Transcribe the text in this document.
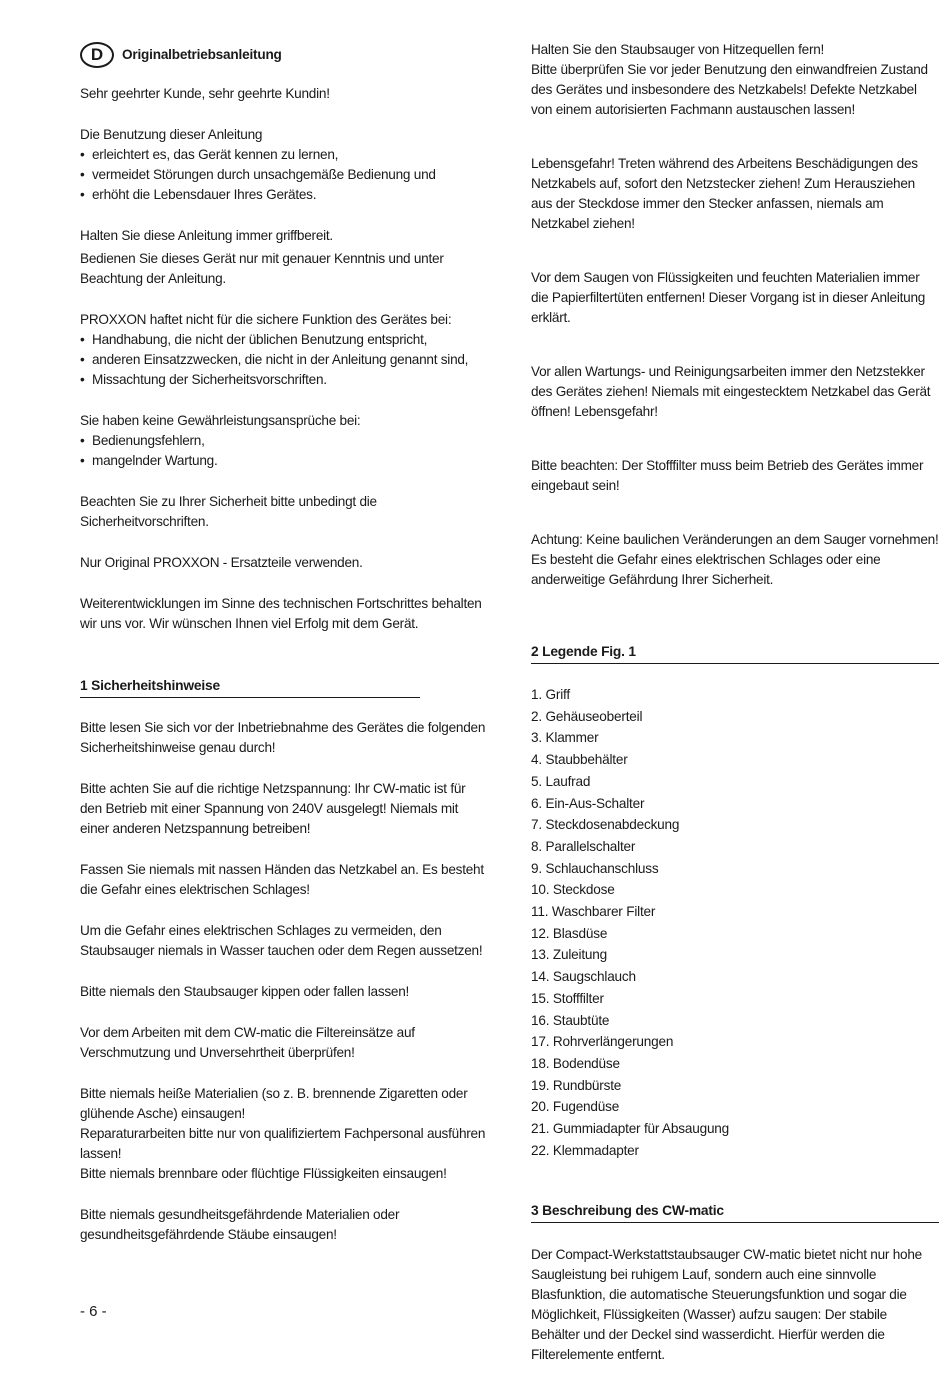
D	Originalbetriebsanleitung

Sehr geehrter Kunde, sehr geehrte Kundin!

Die Benutzung dieser Anleitung

• erleichtert es, das Gerät kennen zu lernen,
• vermeidet Störungen durch unsachgemäße Bedienung und
• erhöht die Lebensdauer Ihres Gerätes.

Halten Sie diese Anleitung immer griffbereit.

Bedienen Sie dieses Gerät nur mit genauer Kenntnis und unter Beachtung der Anleitung.

PROXXON haftet nicht für die sichere Funktion des Gerätes bei:

• Handhabung, die nicht der üblichen Benutzung entspricht,
• anderen Einsatzzwecken, die nicht in der Anleitung genannt sind,
• Missachtung der Sicherheitsvorschriften.

Sie haben keine Gewährleistungsansprüche bei:

• Bedienungsfehlern,
• mangelnder Wartung.

Beachten Sie zu Ihrer Sicherheit bitte unbedingt die Sicherheitvorschriften.

Nur Original PROXXON - Ersatzteile verwenden.

Weiterentwicklungen im Sinne des technischen Fortschrittes behalten wir uns vor. Wir wünschen Ihnen viel Erfolg mit dem Gerät.

1 Sicherheitshinweise

Bitte lesen Sie sich vor der Inbetriebnahme des Gerätes die folgenden Sicherheitshinweise genau durch!

Bitte achten Sie auf die richtige Netzspannung: Ihr CW-matic ist für den Betrieb mit einer Spannung von 240V ausgelegt! Niemals mit einer anderen Netzspannung betreiben!

Fassen Sie niemals mit nassen Händen das Netzkabel an. Es besteht die Gefahr eines elektrischen Schlages!

Um die Gefahr eines elektrischen Schlages zu vermeiden, den Staubsauger niemals in Wasser tauchen oder dem Regen aussetzen!

Bitte niemals den Staubsauger kippen oder fallen lassen!

Vor dem Arbeiten mit dem CW-matic die Filtereinsätze auf Verschmutzung und Unversehrtheit überprüfen!

Bitte niemals heiße Materialien (so z. B. brennende Zigaretten oder glühende Asche) einsaugen!

Reparaturarbeiten bitte nur von qualifiziertem Fachpersonal ausführen lassen!

Bitte niemals brennbare oder flüchtige Flüssigkeiten einsaugen!

Bitte niemals gesundheitsgefährdende Materialien oder gesundheitsgefährdende Stäube einsaugen!

Halten Sie den Staubsauger von Hitzequellen fern!

Bitte überprüfen Sie vor jeder Benutzung den einwandfreien Zustand des Gerätes und insbesondere des Netzkabels! Defekte Netzkabel von einem autorisierten Fachmann austauschen lassen!

Lebensgefahr! Treten während des Arbeitens Beschädigungen des Netzkabels auf, sofort den Netzstecker ziehen! Zum Herausziehen aus der Steckdose immer den Stecker anfassen, niemals am Netzkabel ziehen!

Vor dem Saugen von Flüssigkeiten und feuchten Materialien immer die Papierfiltertüten entfernen! Dieser Vorgang ist in dieser Anleitung erklärt.

Vor allen Wartungs- und Reinigungsarbeiten immer den Netzstekker des Gerätes ziehen! Niemals mit eingestecktem Netzkabel das Gerät öffnen! Lebensgefahr!

Bitte beachten: Der Stofffilter muss beim Betrieb des Gerätes immer eingebaut sein!

Achtung: Keine baulichen Veränderungen an dem Sauger vornehmen! Es besteht die Gefahr eines elektrischen Schlages oder eine anderweitige Gefährdung Ihrer Sicherheit.

2 Legende Fig. 1
1. Griff
2. Gehäuseoberteil
3. Klammer
4. Staubbehälter
5. Laufrad
6. Ein-Aus-Schalter
7. Steckdosenabdeckung
8. Parallelschalter
9. Schlauchanschluss
10. Steckdose
11. Waschbarer Filter
12. Blasdüse
13. Zuleitung
14. Saugschlauch
15. Stofffilter
16. Staubtüte
17. Rohrverlängerungen
18. Bodendüse
19. Rundbürste
20. Fugendüse
21. Gummiadapter für Absaugung
22. Klemmadapter
3 Beschreibung des CW-matic

Der Compact-Werkstattstaubsauger CW-matic bietet nicht nur hohe Saugleistung bei ruhigem Lauf, sondern auch eine sinnvolle Blasfunktion, die automatische Steuerungsfunktion und sogar die Möglichkeit, Flüssigkeiten (Wasser) aufzu saugen: Der stabile Behälter und der Deckel sind wasserdicht. Hierfür werden die Filterelemente entfernt.

- 6 -
